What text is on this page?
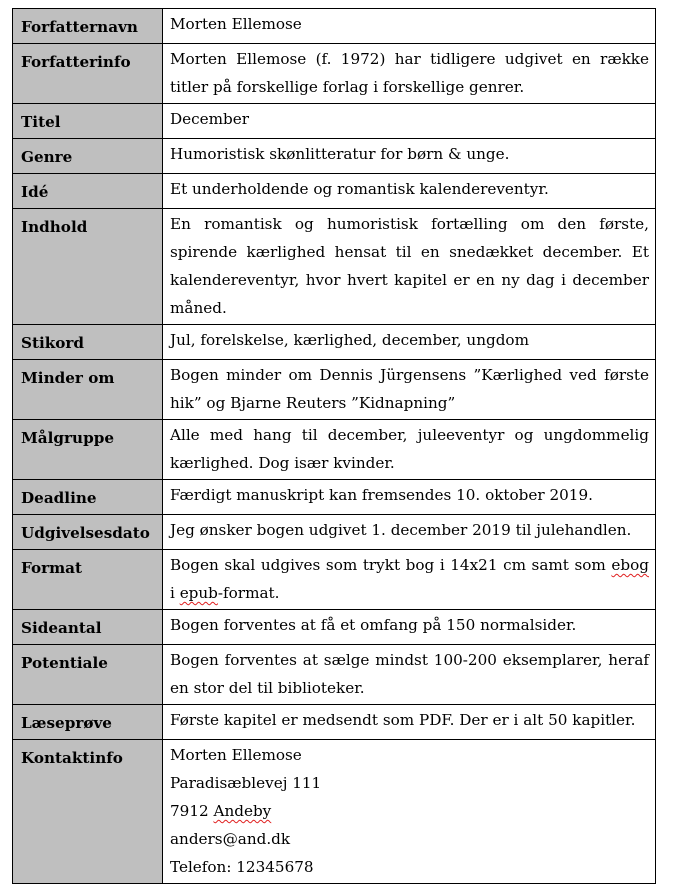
Forfatternavn	Morten Ellemose
Forfatterinfo	Morten Ellemose (f. 1972) har tidligere udgivet en række titler på forskellige forlag i forskellige genrer.
Titel	December
Genre	Humoristisk skønlitteratur for børn & unge.
Idé	Et underholdende og romantisk kalendereventyr.
Indhold	En romantisk og humoristisk fortælling om den første, spirende kærlighed hensat til en snedækket december. Et kalendereventyr, hvor hvert kapitel er en ny dag i december måned.
Stikord	Jul, forelskelse, kærlighed, december, ungdom
Minder om	Bogen minder om Dennis Jürgensens ”Kærlighed ved første hik” og Bjarne Reuters ”Kidnapning”
Målgruppe	Alle med hang til december, juleeventyr og ungdommelig kærlighed. Dog især kvinder.
Deadline	Færdigt manuskript kan fremsendes 10. oktober 2019.
Udgivelsesdato	Jeg ønsker bogen udgivet 1. december 2019 til julehandlen.
Format	Bogen skal udgives som trykt bog i 14x21 cm samt som ebog i epub-format.
Sideantal	Bogen forventes at få et omfang på 150 normalsider.
Potentiale	Bogen forventes at sælge mindst 100-200 eksemplarer, heraf en stor del til biblioteker.
Læseprøve	Første kapitel er medsendt som PDF. Der er i alt 50 kapitler.
Kontaktinfo	Morten Ellemose
Paradisæblevej 111
7912 Andeby
anders@and.dk
Telefon: 12345678
